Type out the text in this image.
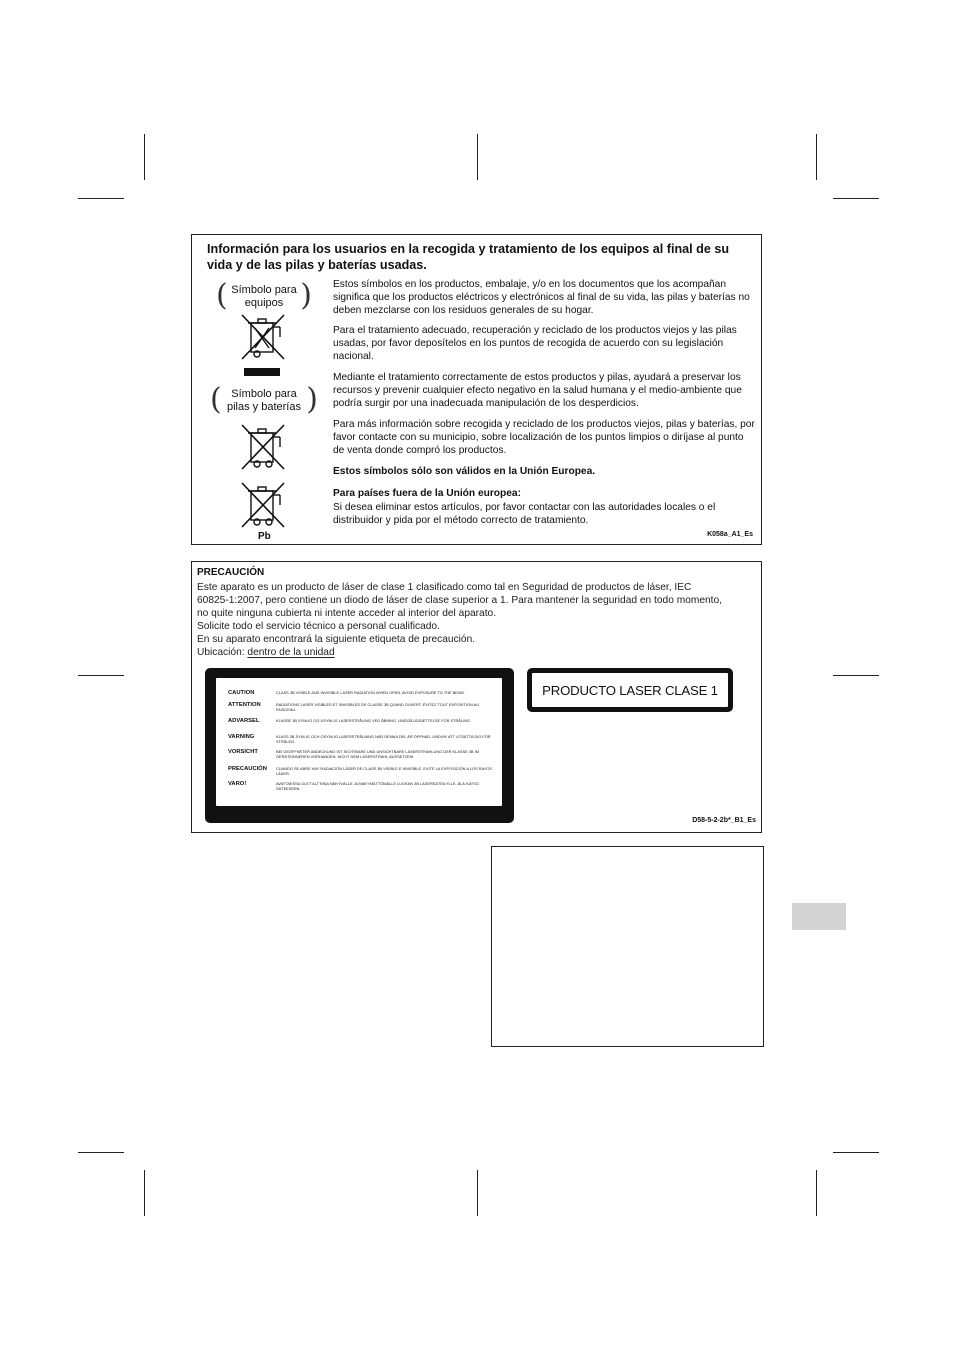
Información para los usuarios en la recogida y tratamiento de los equipos al final de su vida y de las pilas y baterías usadas.
( Símbolo para
equipos )
( Símbolo para
pilas y baterías )
Pb

Estos símbolos en los productos, embalaje, y/o en los documentos que los acompañan significa que los productos eléctricos y electrónicos al final de su vida, las pilas y baterías no deben mezclarse con los residuos generales de su hogar.

Para el tratamiento adecuado, recuperación y reciclado de los productos viejos y las pilas usadas, por favor deposítelos en los puntos de recogida de acuerdo con su legislación nacional.

Mediante el tratamiento correctamente de estos productos y pilas, ayudará a preservar los recursos y prevenir cualquier efecto negativo en la salud humana y el medio-ambiente que podría surgir por una inadecuada manipulación de los desperdicios.

Para más información sobre recogida y reciclado de los productos viejos, pilas y baterías, por favor contacte con su municipio, sobre localización de los puntos limpios o diríjase al punto de venta donde compró los productos.

Estos símbolos sólo son válidos en la Unión Europea.

Para países fuera de la Unión europea:

Si desea eliminar estos artículos, por favor contactar con las autoridades locales o el distribuidor y pida por el método correcto de tratamiento.

K058a_A1_Es
PRECAUCIÓN
Este aparato es un producto de láser de clase 1 clasificado como tal en Seguridad de productos de láser, IEC
60825-1:2007, pero contiene un diodo de láser de clase superior a 1. Para mantener la seguridad en todo momento,
no quite ninguna cubierta ni intente acceder al interior del aparato.
Solicite todo el servicio técnico a personal cualificado.
En su aparato encontrará la siguiente etiqueta de precaución.
Ubicación: dentro de la unidad
CAUTION	CLASS 3B VISIBLE AND INVISIBLE LASER RADIATION WHEN OPEN, AVOID EXPOSURE TO THE BEAM.
ATTENTION	RADIATIONS LASER VISIBLES ET INVISIBLES DE CLASSE 3B QUAND OUVERT. ÉVITEZ TOUT EXPOSITION AU FAISCEAU.
ADVARSEL	KLASSE 3B SYNLIG OG USYNLIG LASERSTRÅLING VED ÅBNING. UNDGÅ UDSÆTTELSE FOR STRÅLING.
VARNING	KLASS 3B SYNLIG OCH OSYNLIG LASERSTRÅLNING NÄR DENNA DEL ÄR ÖPPNAD. UNDVIK ATT UTSÄTTA DIG FÖR STRÅLEN.
VORSICHT	BEI GEÖFFNETER ABDECKUNG IST SICHTBARE UND UNSICHTBARE LASERSTRAHLUNG DER KLASSE 3B IM GERÄTEINNEREN VORHANDEN. NICHT DEM LASERSTRAHL AUSSETZEN!
PRECAUCIÓN	CUANDO SE ABRE HAY RADIACIÓN LÁSER DE CLASE 3B VISIBLE E INVISIBLE. EVITE LA EXPOSICIÓN A LOS RAYOS LÁSER.
VARO!	AVATTAESSA OLET ALTTIINA NÄKYVÄLLE JA NÄKYMÄTTÖMÄLLE LUOKAN 3B LASERSÄTEILYLLE. ÄLÄ KATSO SÄTEESEEN.
PRODUCTO LASER CLASE 1
D58-5-2-2b*_B1_Es
